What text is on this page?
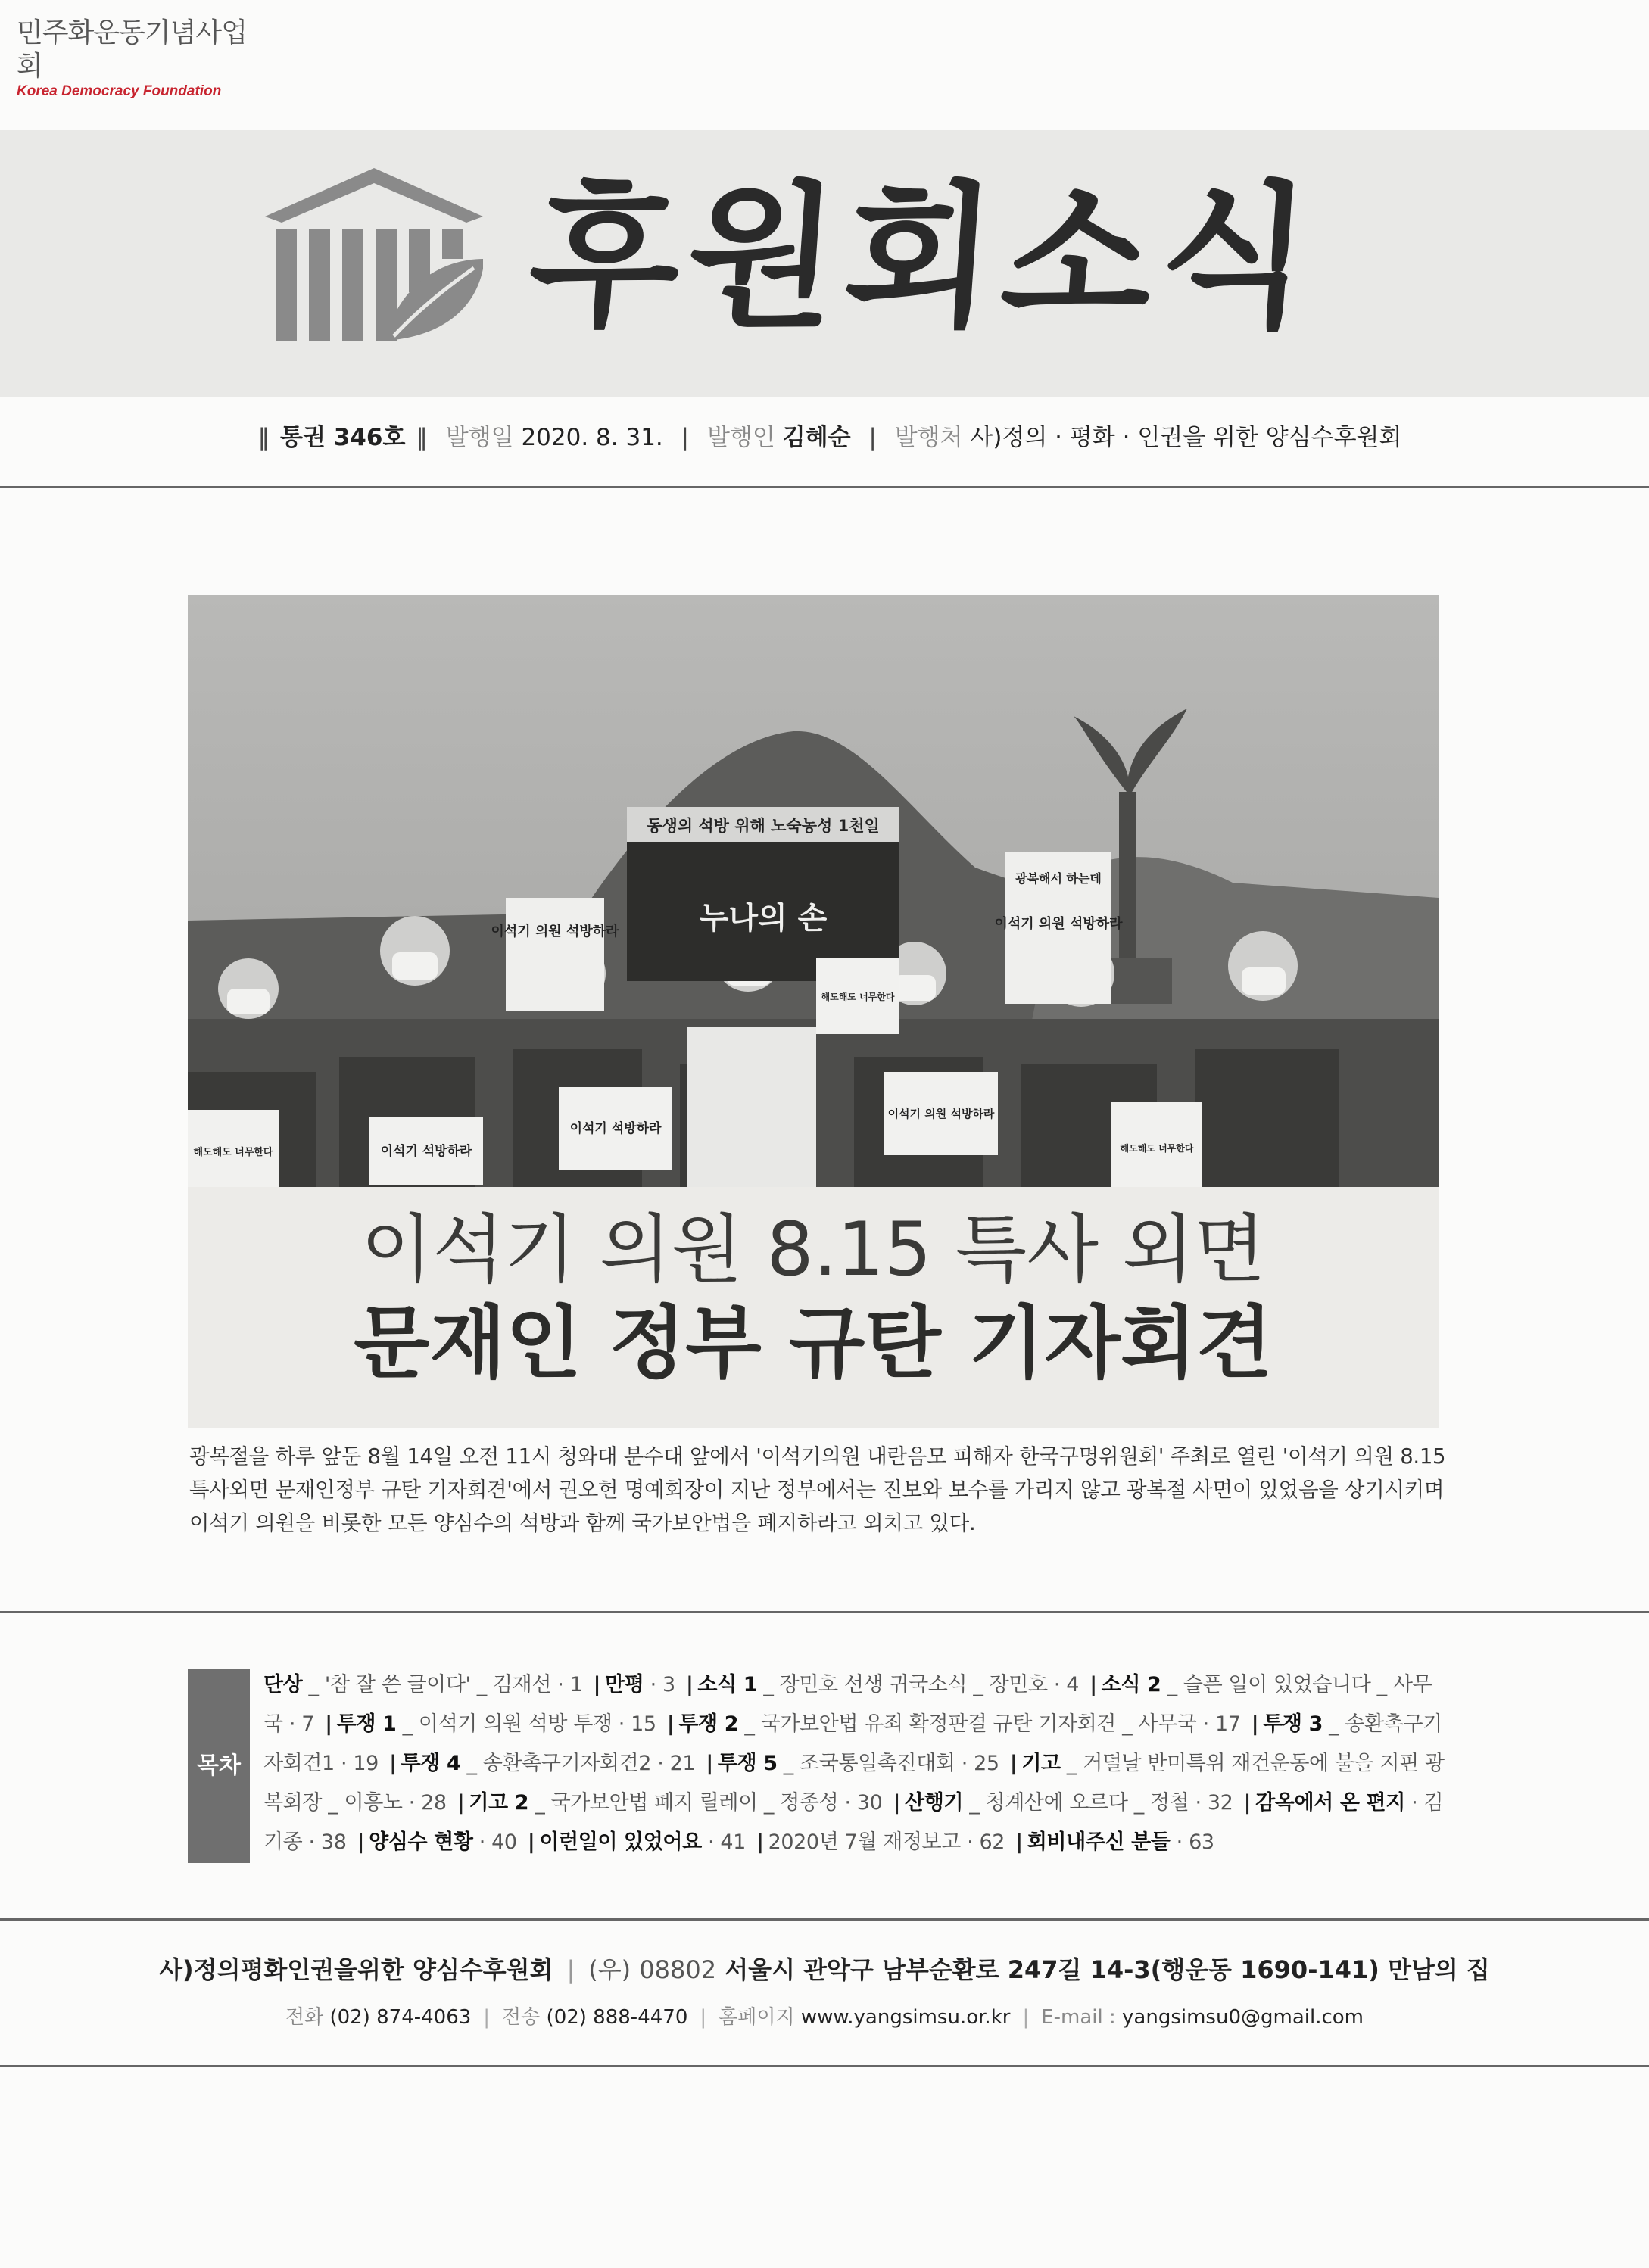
민주화운동기념사업회
Korea Democracy Foundation
후원회소식
‖ 통권 346호 ‖ 발행일 2020. 8. 31. | 발행인 김혜순 | 발행처 사)정의 · 평화 · 인권을 위한 양심수후원회
동생의 석방 위해 노숙농성 1천일
누나의 손
이석기 의원 석방하라
광복해서 하는데
이석기 의원 석방하라
해도해도 너무한다	이석기 석방하라
이석기 석방하라
이석기 의원 석방하라
해도해도 너무한다
해도해도 너무한다
이석기 의원 8.15 특사 외면
문재인 정부 규탄 기자회견
광복절을 하루 앞둔 8월 14일 오전 11시 청와대 분수대 앞에서 '이석기의원 내란음모 피해자 한국구명위원회' 주최로 열린 '이석기 의원 8.15특사외면 문재인정부 규탄 기자회견'에서 권오헌 명예회장이 지난 정부에서는 진보와 보수를 가리지 않고 광복절 사면이 있었음을 상기시키며 이석기 의원을 비롯한 모든 양심수의 석방과 함께 국가보안법을 폐지하라고 외치고 있다.
목차
단상 _ '참 잘 쓴 글이다' _ 김재선 · 1 | 만평 · 3 | 소식 1 _ 장민호 선생 귀국소식 _ 장민호 · 4 | 소식 2 _ 슬픈 일이 있었습니다 _ 사무국 · 7 | 투쟁 1 _ 이석기 의원 석방 투쟁 · 15 | 투쟁 2 _ 국가보안법 유죄 확정판결 규탄 기자회견 _ 사무국 · 17 | 투쟁 3 _ 송환촉구기자회견1 · 19 | 투쟁 4 _ 송환촉구기자회견2 · 21 | 투쟁 5 _ 조국통일촉진대회 · 25 | 기고 _ 거덜날 반미특위 재건운동에 불을 지핀 광복회장 _ 이흥노 · 28 | 기고 2 _ 국가보안법 폐지 릴레이 _ 정종성 · 30 | 산행기 _ 청계산에 오르다 _ 정철 · 32 | 감옥에서 온 편지 · 김기종 · 38 | 양심수 현황 · 40 | 이런일이 있었어요 · 41 | 2020년 7월 재정보고 · 62 | 회비내주신 분들 · 63
사)정의평화인권을위한 양심수후원회 | (우) 08802 서울시 관악구 남부순환로 247길 14-3(행운동 1690-141) 만남의 집
전화 (02) 874-4063 | 전송 (02) 888-4470 | 홈페이지 www.yangsimsu.or.kr | E-mail : yangsimsu0@gmail.com
